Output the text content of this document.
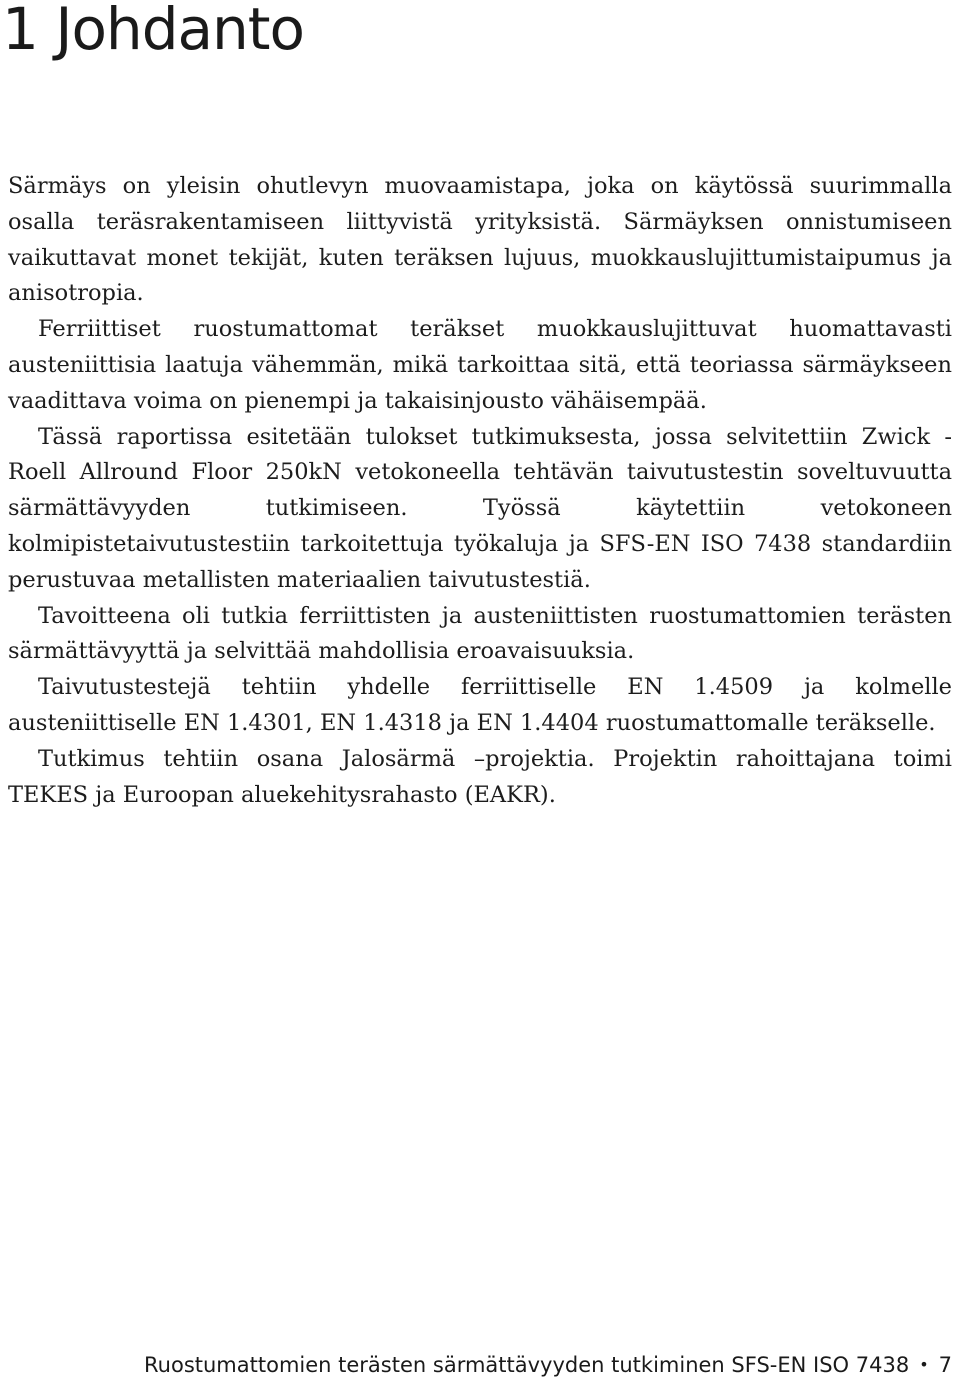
1 Johdanto

Särmäys on yleisin ohutlevyn muovaamistapa, joka on käytössä suurimmalla osalla teräsrakentamiseen liittyvistä yrityksistä. Särmäyksen onnistumiseen vaikuttavat monet tekijät, kuten teräksen lujuus, muokkauslujittumistaipumus ja anisotropia.

Ferriittiset ruostumattomat teräkset muokkauslujittuvat huomattavasti austeniittisia laatuja vähemmän, mikä tarkoittaa sitä, että teoriassa särmäykseen vaadittava voima on pienempi ja takaisinjousto vähäisempää.

Tässä raportissa esitetään tulokset tutkimuksesta, jossa selvitettiin Zwick - Roell Allround Floor 250kN vetokoneella tehtävän taivutustestin soveltuvuutta särmättävyyden tutkimiseen. Työssä käytettiin vetokoneen kolmipistetaivutustestiin tarkoitettuja työkaluja ja SFS-EN ISO 7438 standardiin perustuvaa metallisten materiaalien taivutustestiä.

Tavoitteena oli tutkia ferriittisten ja austeniittisten ruostumattomien terästen särmättävyyttä ja selvittää mahdollisia eroavaisuuksia.

Taivutustestejä tehtiin yhdelle ferriittiselle EN 1.4509 ja kolmelle austeniittiselle EN 1.4301, EN 1.4318 ja EN 1.4404 ruostumattomalle teräkselle.

Tutkimus tehtiin osana Jalosärmä –projektia. Projektin rahoittajana toimi TEKES ja Euroopan aluekehitysrahasto (EAKR).

Ruostumattomien terästen särmättävyyden tutkiminen SFS-EN ISO 7438 • 7
